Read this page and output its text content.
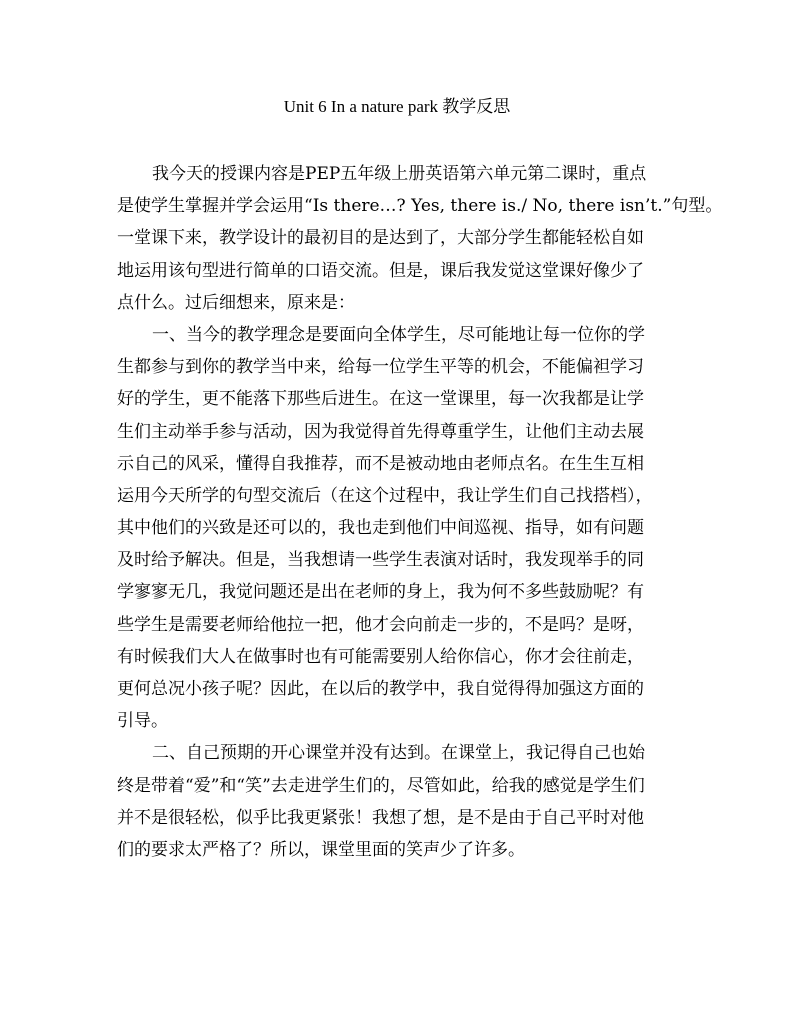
Unit 6 In a nature park 教学反思
我今天的授课内容是PEP五年级上册英语第六单元第二课时，重点
是使学生掌握并学会运用“Is there…? Yes, there is./ No, there isn’t.”句型。
一堂课下来，教学设计的最初目的是达到了，大部分学生都能轻松自如
地运用该句型进行简单的口语交流。但是，课后我发觉这堂课好像少了
点什么。过后细想来，原来是：
一、当今的教学理念是要面向全体学生，尽可能地让每一位你的学
生都参与到你的教学当中来，给每一位学生平等的机会，不能偏袒学习
好的学生，更不能落下那些后进生。在这一堂课里，每一次我都是让学
生们主动举手参与活动，因为我觉得首先得尊重学生，让他们主动去展
示自己的风采，懂得自我推荐，而不是被动地由老师点名。在生生互相
运用今天所学的句型交流后（在这个过程中，我让学生们自己找搭档），
其中他们的兴致是还可以的，我也走到他们中间巡视、指导，如有问题
及时给予解决。但是，当我想请一些学生表演对话时，我发现举手的同
学寥寥无几，我觉问题还是出在老师的身上，我为何不多些鼓励呢？有
些学生是需要老师给他拉一把，他才会向前走一步的，不是吗？是呀，
有时候我们大人在做事时也有可能需要别人给你信心，你才会往前走，
更何总况小孩子呢？因此，在以后的教学中，我自觉得得加强这方面的
引导。
二、自己预期的开心课堂并没有达到。在课堂上，我记得自己也始
终是带着“爱”和“笑”去走进学生们的，尽管如此，给我的感觉是学生们
并不是很轻松，似乎比我更紧张！我想了想，是不是由于自己平时对他
们的要求太严格了？所以，课堂里面的笑声少了许多。
